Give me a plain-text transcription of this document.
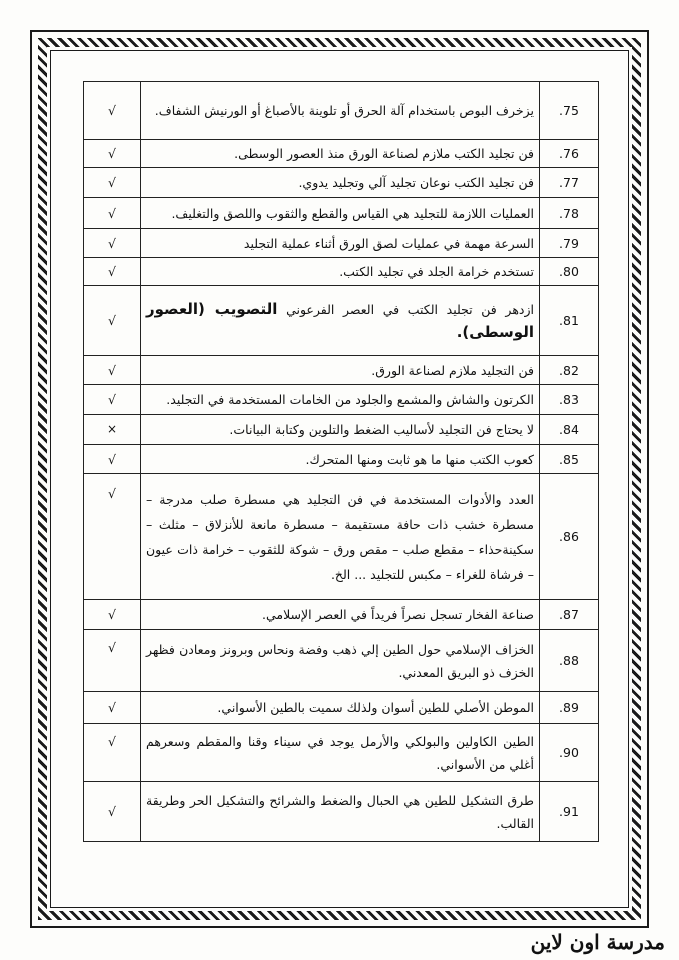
.75	يزخرف البوص باستخدام آلة الحرق أو تلوينة بالأصباغ أو الورنيش الشفاف.	√
.76	فن تجليد الكتب ملازم لصناعة الورق منذ العصور الوسطى.	√
.77	فن تجليد الكتب نوعان تجليد آلي وتجليد يدوي.	√
.78	العمليات اللازمة للتجليد هي القياس والقطع والثقوب واللصق والتغليف.	√
.79	السرعة مهمة في عمليات لصق الورق أثناء عملية التجليد	√
.80	تستخدم خرامة الجلد في تجليد الكتب.	√
.81	ازدهر فن تجليد الكتب في العصر الفرعوني التصويب (العصور الوسطى).	√
.82	فن التجليد ملازم لصناعة الورق.	√
.83	الكرتون والشاش والمشمع والجلود من الخامات المستخدمة في التجليد.	√
.84	لا يحتاج فن التجليد لأساليب الضغط والتلوين وكتابة البيانات.	×
.85	كعوب الكتب منها ما هو ثابت ومنها المتحرك.	√
.86	العدد والأدوات المستخدمة في فن التجليد هي مسطرة صلب مدرجة – مسطرة خشب ذات حافة مستقيمة – مسطرة مانعة للأنزلاق – مثلث – سكينةحذاء – مقطع صلب – مقص ورق – شوكة للثقوب – خرامة ذات عيون – فرشاة للغراء – مكبس للتجليد ... الخ.	√
.87	صناعة الفخار تسجل نصراً فريداً في العصر الإسلامي.	√
.88	الخزاف الإسلامي حول الطين إلي ذهب وفضة ونحاس وبرونز ومعادن فظهر الخزف ذو البريق المعدني.	√
.89	الموطن الأصلي للطين أسوان ولذلك سميت بالطين الأسواني.	√
.90	الطين الكاولين والبولكي والأرمل يوجد في سيناء وقنا والمقطم وسعرهم أغلي من الأسواني.	√
.91	طرق التشكيل للطين هي الحبال والضغط والشرائح والتشكيل الحر وطريقة القالب.	√
مدرسة اون لاين
